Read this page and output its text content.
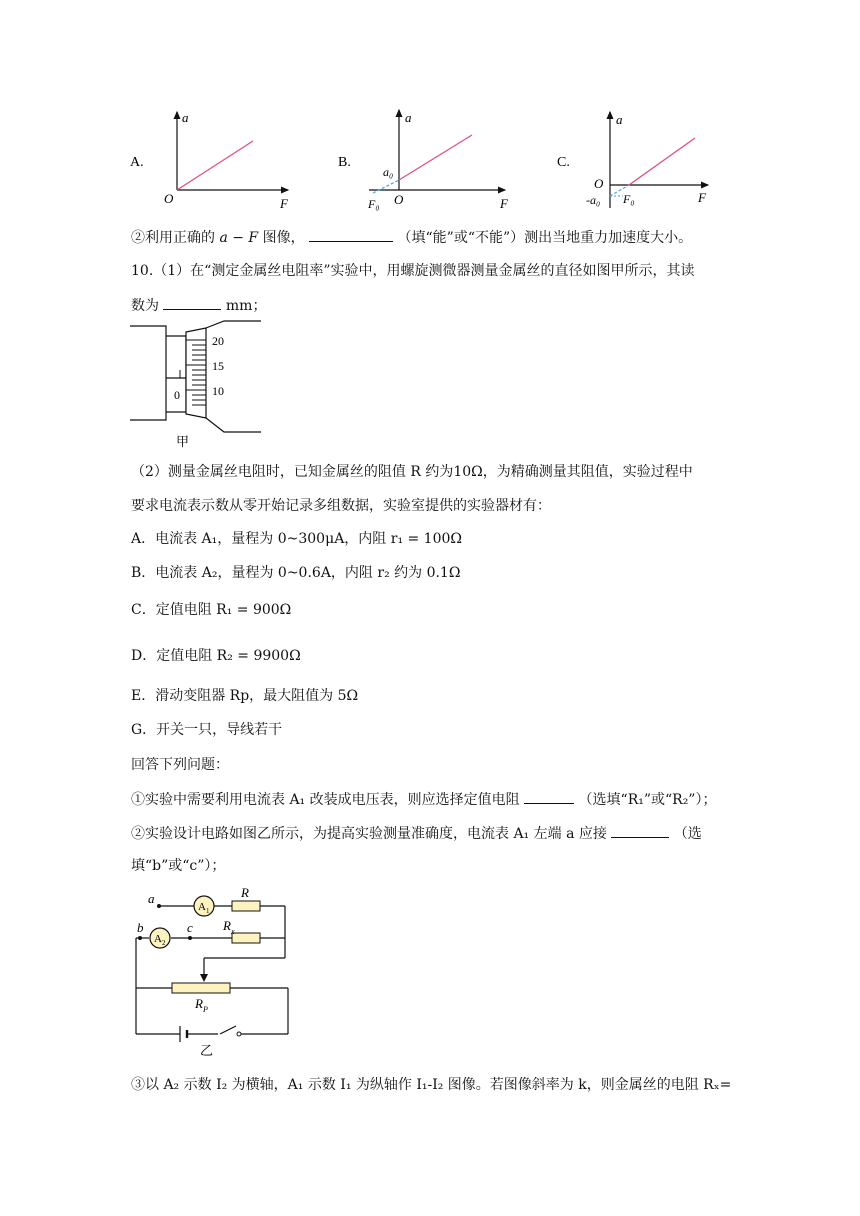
A.
a
O	F
B.
a
a₀
F₀ O	F
C.
a
O
-a₀ F₀	F
②利用正确的 a − F 图像，	（填“能”或“不能”）测出当地重力加速度大小。
10.（1）在“测定金属丝电阻率”实验中，用螺旋测微器测量金属丝的直径如图甲所示，其读
数为	mm；
0
20
15
10
甲
（2）测量金属丝电阻时，已知金属丝的阻值 R 约为10Ω，为精确测量其阻值，实验过程中
要求电流表示数从零开始记录多组数据，实验室提供的实验器材有：
A．电流表 A₁，量程为 0~300μA，内阻 r₁ = 100Ω
B．电流表 A₂，量程为 0~0.6A，内阻 r₂ 约为 0.1Ω
C．定值电阻 R₁ = 900Ω
D．定值电阻 R₂ = 9900Ω
E．滑动变阻器 Rp，最大阻值为 5Ω
G．开关一只，导线若干
回答下列问题：
①实验中需要利用电流表 A₁ 改装成电压表，则应选择定值电阻	（选填“R₁”或“R₂”）；
②实验设计电路如图乙所示，为提高实验测量准确度，电流表 A₁ 左端 a 应接	（选
填“b”或“c”）；
$A_1$
$A_2$
a
b	c
R
$R_x$
$R_P$
乙
③以 A₂ 示数 I₂ 为横轴，A₁ 示数 I₁ 为纵轴作 I₁-I₂ 图像。若图像斜率为 k，则金属丝的电阻 Rₓ=
